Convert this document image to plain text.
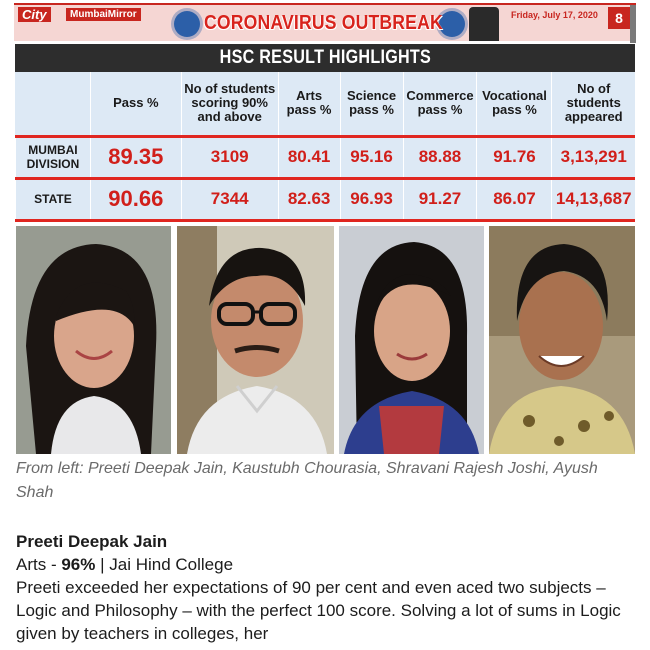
City	MumbaiMirror	CORONAVIRUS OUTBREAK	Friday, July 17, 2020	8
HSC RESULT HIGHLIGHTS
	Pass %	No of students scoring 90% and above	Arts pass %	Science pass %	Commerce pass %	Vocational pass %	No of students appeared
MUMBAI DIVISION	89.35	3109	80.41	95.16	88.88	91.76	3,13,291
STATE	90.66	7344	82.63	96.93	91.27	86.07	14,13,687
From left: Preeti Deepak Jain, Kaustubh Chourasia, Shravani Rajesh Joshi, Ayush Shah
Preeti Deepak Jain
Arts - 96% | Jai Hind College

Preeti exceeded her expectations of 90 per cent and even aced two subjects – Logic and Philosophy – with the perfect 100 score. Solving a lot of sums in Logic given by teachers in colleges, her
